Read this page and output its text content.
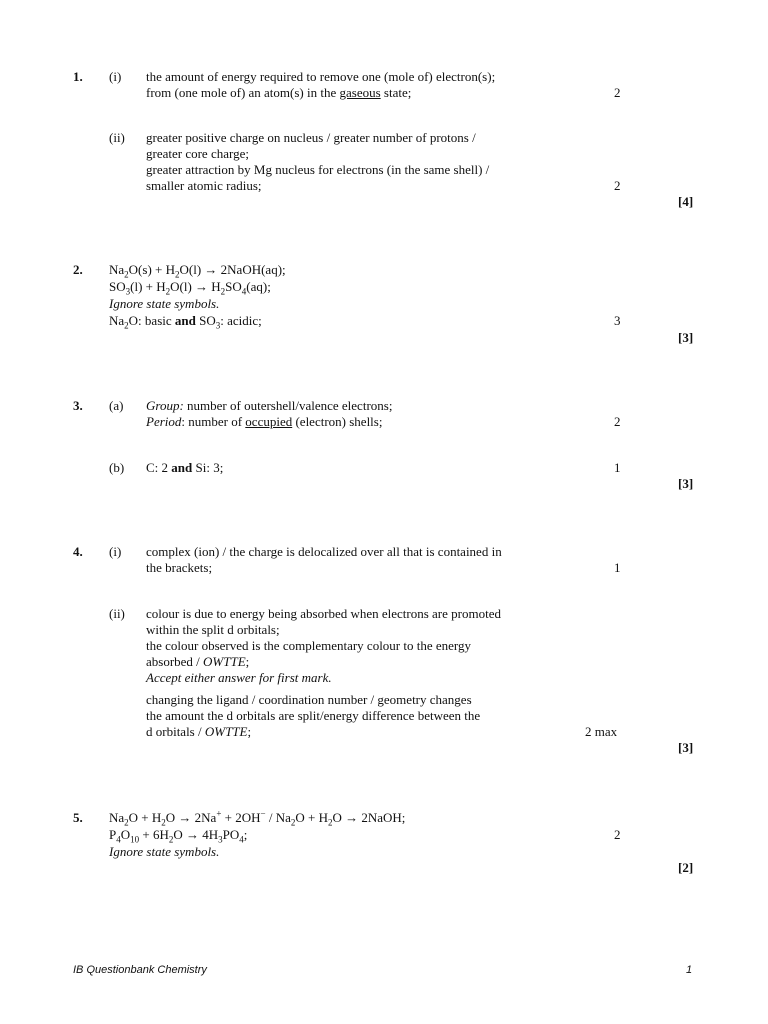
1. (i) the amount of energy required to remove one (mole of) electron(s);
from (one mole of) an atom(s) in the gaseous state;	2
(ii) greater positive charge on nucleus / greater number of protons /
greater core charge;
greater attraction by Mg nucleus for electrons (in the same shell) /
smaller atomic radius;	2
[4]
2. $Na_2O(s) + H_2O(l)$ → 2NaOH(aq);
$SO_3(l) + H_2O(l) \to H_2SO_4(aq)$;
Ignore state symbols.
$Na_2O$: basic and $SO_3$: acidic;	3
[3]
3. (a) Group: number of outershell/valence electrons;
Period: number of occupied (electron) shells;	2
(b) C: 2 and Si: 3;	1
[3]
4. (i) complex (ion) / the charge is delocalized over all that is contained in
the brackets;	1
(ii) colour is due to energy being absorbed when electrons are promoted
within the split d orbitals;
the colour observed is the complementary colour to the energy
absorbed / OWTTE;
Accept either answer for first mark.
changing the ligand / coordination number / geometry changes
the amount the d orbitals are split/energy difference between the
d orbitals / OWTTE;	2 max
[3]
5. $Na_2O + H_2O \to 2Na^+ + 2OH^- / Na_2O + H_2O$ → 2NaOH;
$P_4O_{10} + 6H_2O \to 4H_3PO_4$;	2
Ignore state symbols.
[2]
IB Questionbank Chemistry	1
